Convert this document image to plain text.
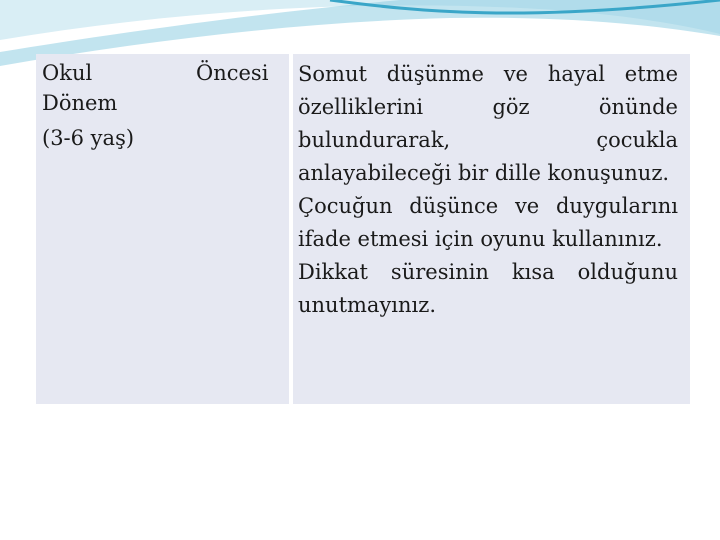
Okul
Dönem
(3-6 yaş)
Öncesi Somut düşünme ve hayal etme özelliklerini göz önünde bulundurarak, çocukla anlayabileceği bir dille konuşunuz.

Çocuğun düşünce ve duygularını ifade etmesi için oyunu kullanınız.

Dikkat süresinin kısa olduğunu unutmayınız.
